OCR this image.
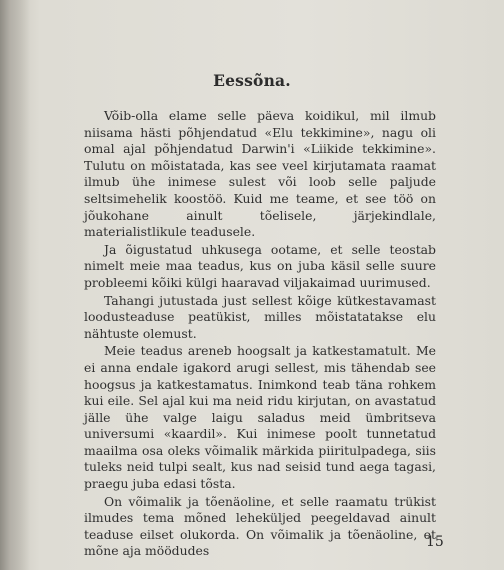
Eessõna.

Võib-olla elame selle päeva koidikul, mil ilmub niisama hästi põhjendatud «Elu tekkimine», nagu oli omal ajal põhjendatud Darwin'i «Liikide tekkimine». Tulutu on mõistatada, kas see veel kirjutamata raamat ilmub ühe inimese sulest või loob selle paljude seltsimehelik koostöö. Kuid me teame, et see töö on jõukohane ainult tõelisele, järjekindlale, materialistlikule teadusele.

Ja õigustatud uhkusega ootame, et selle teostab nimelt meie maa teadus, kus on juba käsil selle suure probleemi kõiki külgi haaravad viljakaimad uurimused.

Tahangi jutustada just sellest kõige kütkestavamast loodusteaduse peatükist, milles mõistatatakse elu nähtuste olemust.

Meie teadus areneb hoogsalt ja katkestamatult. Me ei anna endale igakord arugi sellest, mis tähendab see hoogsus ja katkestamatus. Inimkond teab täna rohkem kui eile. Sel ajal kui ma neid ridu kirjutan, on avastatud jälle ühe valge laigu saladus meid ümbritseva universumi «kaardil». Kui inimese poolt tunnetatud maailma osa oleks võimalik märkida piiritulpadega, siis tuleks neid tulpi sealt, kus nad seisid tund aega tagasi, praegu juba edasi tõsta.

On võimalik ja tõenäoline, et selle raamatu trükist ilmudes tema mõned leheküljed peegeldavad ainult teaduse eilset olukorda. On võimalik ja tõenäoline, et mõne aja möödudes

15
